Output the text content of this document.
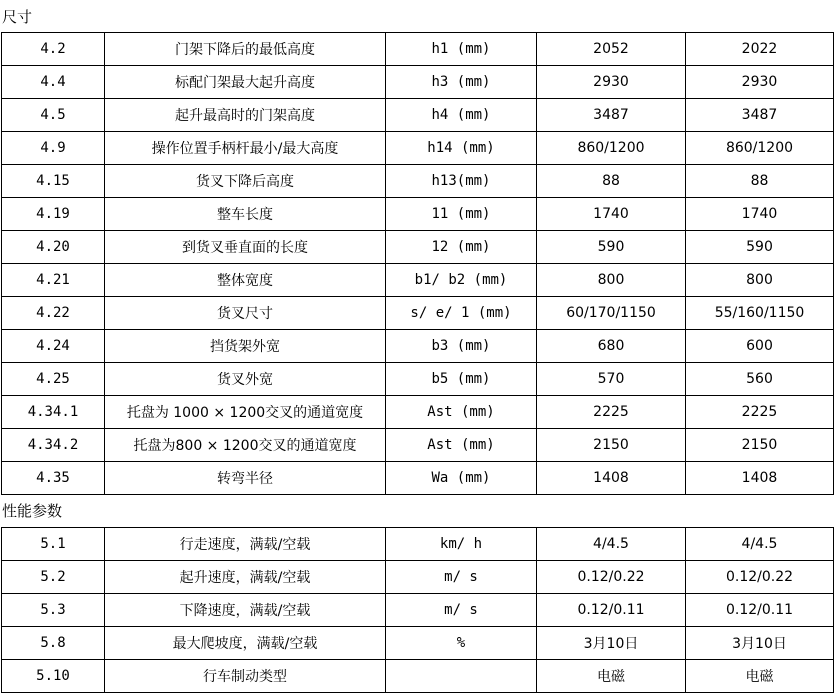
尺寸
4.2	门架下降后的最低高度	h1 (mm)	2052	2022
4.4	标配门架最大起升高度	h3 (mm)	2930	2930
4.5	起升最高时的门架高度	h4 (mm)	3487	3487
4.9	操作位置手柄杆最小/最大高度	h14 (mm)	860/1200	860/1200
4.15	货叉下降后高度	h13(mm)	88	88
4.19	整车长度	11 (mm)	1740	1740
4.20	到货叉垂直面的长度	12 (mm)	590	590
4.21	整体宽度	b1/ b2 (mm)	800	800
4.22	货叉尺寸	s/ e/ 1 (mm)	60/170/1150	55/160/1150
4.24	挡货架外宽	b3 (mm)	680	600
4.25	货叉外宽	b5 (mm)	570	560
4.34.1	托盘为 1000 × 1200交叉的通道宽度	Ast (mm)	2225	2225
4.34.2	托盘为800 × 1200交叉的通道宽度	Ast (mm)	2150	2150
4.35	转弯半径	Wa (mm)	1408	1408
性能参数
5.1	行走速度，满载/空载	km/ h	4/4.5	4/4.5
5.2	起升速度，满载/空载	m/ s	0.12/0.22	0.12/0.22
5.3	下降速度，满载/空载	m/ s	0.12/0.11	0.12/0.11
5.8	最大爬坡度，满载/空载	%	3月10日	3月10日
5.10	行车制动类型		电磁	电磁
